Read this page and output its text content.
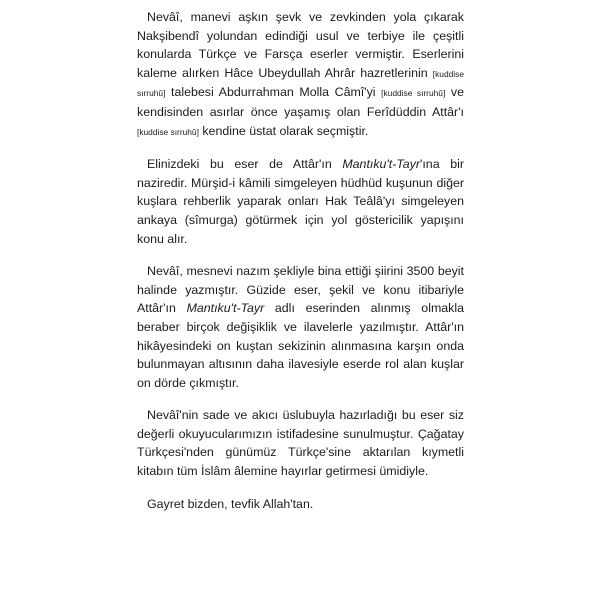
Nevâî, manevi aşkın şevk ve zevkinden yola çıkarak Nakşibendî yolundan edindiği usul ve terbiye ile çeşitli konularda Türkçe ve Farsça eserler vermiştir. Eserlerini kaleme alırken Hâce Ubeydullah Ahrâr hazretlerinin [kuddise sırruhû] talebesi Abdurrahman Molla Câmî'yi [kuddise sırruhû] ve kendisinden asırlar önce yaşamış olan Ferîdüddin Attâr'ı [kuddise sırruhû] kendine üstat olarak seçmiştir.

Elinizdeki bu eser de Attâr'ın Mantıku't-Tayr'ına bir naziredir. Mürşid-i kâmili simgeleyen hüdhüd kuşunun diğer kuşlara rehberlik yaparak onları Hak Teâlâ'yı simgeleyen ankaya (sîmurga) götürmek için yol göstericilik yapışını konu alır.

Nevâî, mesnevi nazım şekliyle bina ettiği şiirini 3500 beyit halinde yazmıştır. Güzide eser, şekil ve konu itibariyle Attâr'ın Mantıku't-Tayr adlı eserinden alınmış olmakla beraber birçok değişiklik ve ilavelerle yazılmıştır. Attâr'ın hikâyesindeki on kuştan sekizinin alınmasına karşın onda bulunmayan altısının daha ilavesiyle eserde rol alan kuşlar on dörde çıkmıştır.

Nevâî'nin sade ve akıcı üslubuyla hazırladığı bu eser siz değerli okuyucularımızın istifadesine sunulmuştur. Çağatay Türkçesi'nden günümüz Türkçe'sine aktarılan kıymetli kitabın tüm İslâm âlemine hayırlar getirmesi ümidiyle.

Gayret bizden, tevfik Allah'tan.
